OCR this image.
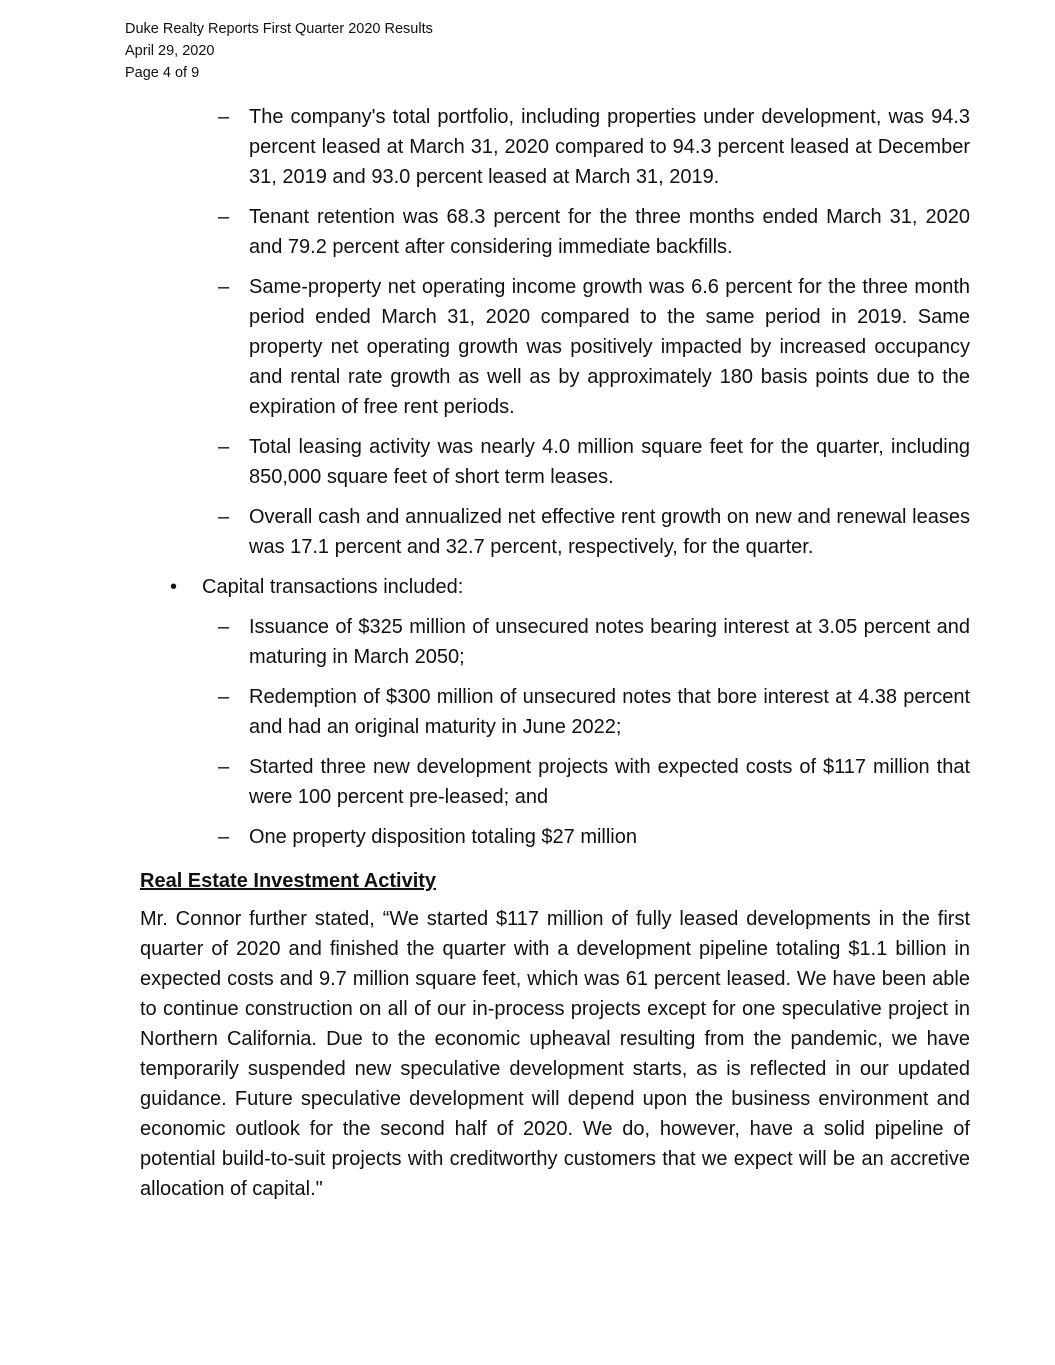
Duke Realty Reports First Quarter 2020 Results
April 29, 2020
Page 4 of 9
– The company's total portfolio, including properties under development, was 94.3 percent leased at March 31, 2020 compared to 94.3 percent leased at December 31, 2019 and 93.0 percent leased at March 31, 2019.
– Tenant retention was 68.3 percent for the three months ended March 31, 2020 and 79.2 percent after considering immediate backfills.
– Same-property net operating income growth was 6.6 percent for the three month period ended March 31, 2020 compared to the same period in 2019. Same property net operating growth was positively impacted by increased occupancy and rental rate growth as well as by approximately 180 basis points due to the expiration of free rent periods.
– Total leasing activity was nearly 4.0 million square feet for the quarter, including 850,000 square feet of short term leases.
– Overall cash and annualized net effective rent growth on new and renewal leases was 17.1 percent and 32.7 percent, respectively, for the quarter.
• Capital transactions included:
– Issuance of $325 million of unsecured notes bearing interest at 3.05 percent and maturing in March 2050;
– Redemption of $300 million of unsecured notes that bore interest at 4.38 percent and had an original maturity in June 2022;
– Started three new development projects with expected costs of $117 million that were 100 percent pre-leased; and
– One property disposition totaling $27 million
Real Estate Investment Activity
Mr. Connor further stated, “We started $117 million of fully leased developments in the first quarter of 2020 and finished the quarter with a development pipeline totaling $1.1 billion in expected costs and 9.7 million square feet, which was 61 percent leased. We have been able to continue construction on all of our in-process projects except for one speculative project in Northern California. Due to the economic upheaval resulting from the pandemic, we have temporarily suspended new speculative development starts, as is reflected in our updated guidance. Future speculative development will depend upon the business environment and economic outlook for the second half of 2020. We do, however, have a solid pipeline of potential build-to-suit projects with creditworthy customers that we expect will be an accretive allocation of capital."
